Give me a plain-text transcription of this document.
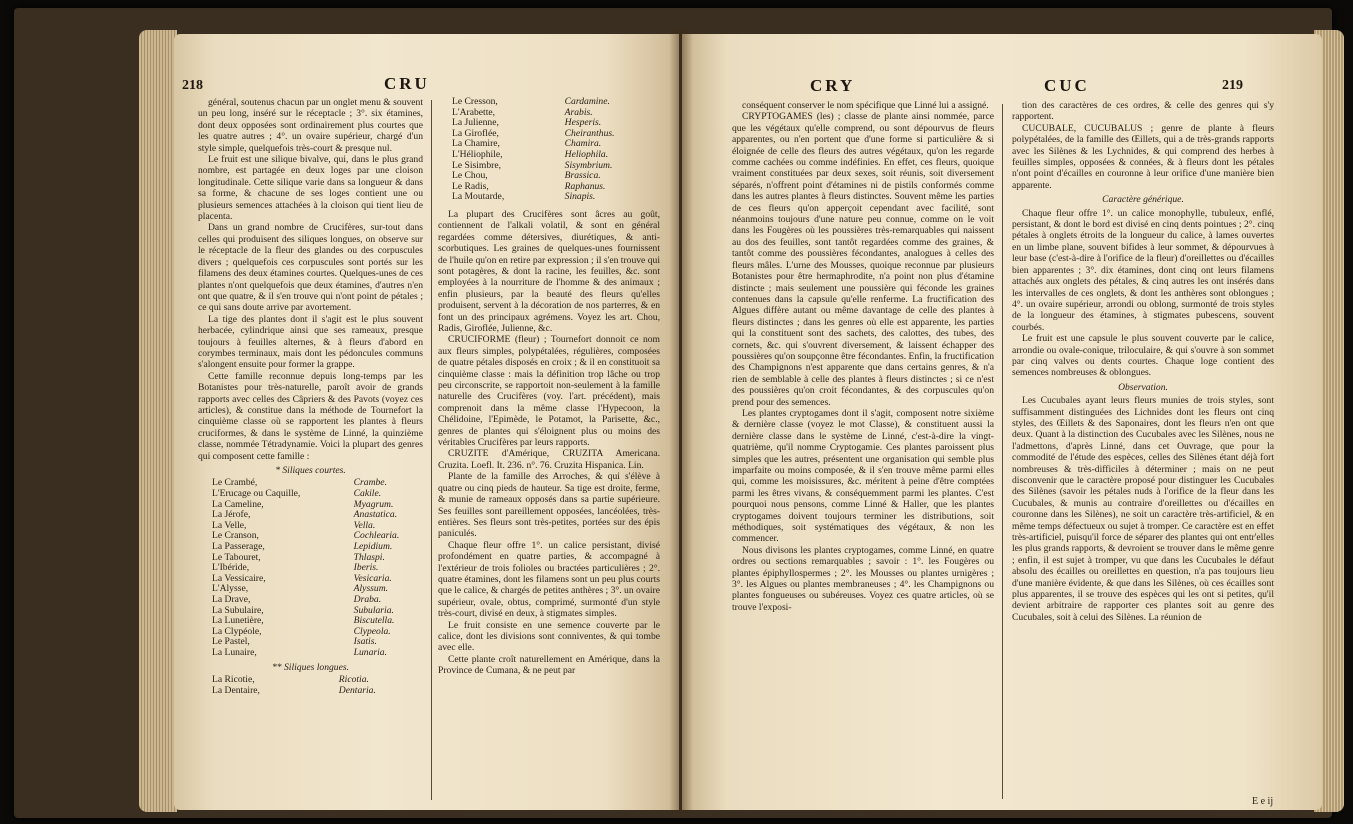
218	CRU

général, soutenus chacun par un onglet menu & souvent un peu long, inséré sur le réceptacle ; 3°. six étamines, dont deux opposées sont ordinairement plus courtes que les quatre autres ; 4°. un ovaire supérieur, chargé d'un style simple, quelquefois très-court & presque nul.

Le fruit est une silique bivalve, qui, dans le plus grand nombre, est partagée en deux loges par une cloison longitudinale. Cette silique varie dans sa longueur & dans sa forme, & chacune de ses loges contient une ou plusieurs semences attachées à la cloison qui tient lieu de placenta.

Dans un grand nombre de Crucifères, sur-tout dans celles qui produisent des siliques longues, on observe sur le réceptacle de la fleur des glandes ou des corpuscules divers ; quelquefois ces corpuscules sont portés sur les filamens des deux étamines courtes. Quelques-unes de ces plantes n'ont quelquefois que deux étamines, d'autres n'en ont que quatre, & il s'en trouve qui n'ont point de pétales ; ce qui sans doute arrive par avortement.

La tige des plantes dont il s'agit est le plus souvent herbacée, cylindrique ainsi que ses rameaux, presque toujours à feuilles alternes, & à fleurs d'abord en corymbes terminaux, mais dont les pédoncules communs s'alongent ensuite pour former la grappe.

Cette famille reconnue depuis long-temps par les Botanistes pour très-naturelle, paroît avoir de grands rapports avec celles des Câpriers & des Pavots (voyez ces articles), & constitue dans la méthode de Tournefort la cinquième classe où se rapportent les plantes à fleurs cruciformes, & dans le système de Linné, la quinzième classe, nommée Tétradynamie. Voici la plupart des genres qui composent cette famille :

* Siliques courtes.
Le Crambé,	Crambe.
L'Erucage ou Caquille,	Cakile.
La Cameline,	Myagrum.
La Jérofe,	Anastatica.
La Velle,	Vella.
Le Cranson,	Cochlearia.
La Passerage,	Lepidium.
Le Tabouret,	Thlaspi.
L'Ibéride,	Iberis.
La Vessicaire,	Vesicaria.
L'Alysse,	Alyssum.
La Drave,	Draba.
La Subulaire,	Subularia.
La Lunetière,	Biscutella.
La Clypéole,	Clypeola.
Le Pastel,	Isatis.
La Lunaire,	Lunaria.
** Siliques longues.
La Ricotie,	Ricotia.
La Dentaire,	Dentaria.
Le Cresson,	Cardamine.
L'Arabette,	Arabis.
La Julienne,	Hesperis.
La Giroflée,	Cheiranthus.
La Chamire,	Chamira.
L'Héliophile,	Heliophila.
Le Sisimbre,	Sisymbrium.
Le Chou,	Brassica.
Le Radis,	Raphanus.
La Moutarde,	Sinapis.

La plupart des Crucifères sont âcres au goût, contiennent de l'alkali volatil, & sont en général regardées comme détersives, diurétiques, & anti-scorbutiques. Les graines de quelques-unes fournissent de l'huile qu'on en retire par expression ; il s'en trouve qui sont potagères, & dont la racine, les feuilles, &c. sont employées à la nourriture de l'homme & des animaux ; enfin plusieurs, par la beauté des fleurs qu'elles produisent, servent à la décoration de nos parterres, & en font un des principaux agrémens. Voyez les art. Chou, Radis, Giroflée, Julienne, &c.

CRUCIFORME (fleur) ; Tournefort donnoit ce nom aux fleurs simples, polypétalées, régulières, composées de quatre pétales disposés en croix ; & il en constituoit sa cinquième classe : mais la définition trop lâche ou trop peu circonscrite, se rapportoit non-seulement à la famille naturelle des Crucifères (voy. l'art. précédent), mais comprenoit dans la même classe l'Hypecoon, la Chélidoine, l'Epimède, le Potamot, la Parisette, &c., genres de plantes qui s'éloignent plus ou moins des véritables Crucifères par leurs rapports.

CRUZITE d'Amérique, CRUZITA Americana. Cruzita. Loefl. It. 236. n°. 76. Cruzita Hispanica. Lin.

Plante de la famille des Arroches, & qui s'élève à quatre ou cinq pieds de hauteur. Sa tige est droite, ferme, & munie de rameaux opposés dans sa partie supérieure. Ses feuilles sont pareillement opposées, lancéolées, très-entières. Ses fleurs sont très-petites, portées sur des épis paniculés.

Chaque fleur offre 1°. un calice persistant, divisé profondément en quatre parties, & accompagné à l'extérieur de trois folioles ou bractées particulières ; 2°. quatre étamines, dont les filamens sont un peu plus courts que le calice, & chargés de petites anthères ; 3°. un ovaire supérieur, ovale, obtus, comprimé, surmonté d'un style très-court, divisé en deux, à stigmates simples.

Le fruit consiste en une semence couverte par le calice, dont les divisions sont conniventes, & qui tombe avec elle.

Cette plante croît naturellement en Amérique, dans la Province de Cumana, & ne peut par

CRY	CUC	219

conséquent conserver le nom spécifique que Linné lui a assigné.

CRYPTOGAMES (les) ; classe de plante ainsi nommée, parce que les végétaux qu'elle comprend, ou sont dépourvus de fleurs apparentes, ou n'en portent que d'une forme si particulière & si éloignée de celle des fleurs des autres végétaux, qu'on les regarde comme cachées ou comme indéfinies. En effet, ces fleurs, quoique vraiment constituées par deux sexes, soit réunis, soit diversement séparés, n'offrent point d'étamines ni de pistils conformés comme dans les autres plantes à fleurs distinctes. Souvent même les parties de ces fleurs qu'on apperçoit cependant avec facilité, sont néanmoins toujours d'une nature peu connue, comme on le voit dans les Fougères où les poussières très-remarquables qui naissent au dos des feuilles, sont tantôt regardées comme des graines, & tantôt comme des poussières fécondantes, analogues à celles des fleurs mâles. L'urne des Mousses, quoique reconnue par plusieurs Botanistes pour être hermaphrodite, n'a point non plus d'étamine distincte ; mais seulement une poussière qui féconde les graines contenues dans la capsule qu'elle renferme. La fructification des Algues diffère autant ou même davantage de celle des plantes à fleurs distinctes ; dans les genres où elle est apparente, les parties qui la constituent sont des sachets, des calottes, des tubes, des cornets, &c. qui s'ouvrent diversement, & laissent échapper des poussières qu'on soupçonne être fécondantes. Enfin, la fructification des Champignons n'est apparente que dans certains genres, & n'a rien de semblable à celle des plantes à fleurs distinctes ; si ce n'est des poussières qu'on croit fécondantes, & des corpuscules qu'on prend pour des semences.

Les plantes cryptogames dont il s'agit, composent notre sixième & dernière classe (voyez le mot Classe), & constituent aussi la dernière classe dans le système de Linné, c'est-à-dire la vingt-quatrième, qu'il nomme Cryptogamie. Ces plantes paroissent plus simples que les autres, présentent une organisation qui semble plus imparfaite ou moins composée, & il s'en trouve même parmi elles qui, comme les moisissures, &c. méritent à peine d'être comptées parmi les êtres vivans, & conséquemment parmi les plantes. C'est pourquoi nous pensons, comme Linné & Haller, que les plantes cryptogames doivent toujours terminer les distributions, soit méthodiques, soit systématiques des végétaux, & non les commencer.

Nous divisons les plantes cryptogames, comme Linné, en quatre ordres ou sections remarquables ; savoir : 1°. les Fougères ou plantes épiphyllospermes ; 2°. les Mousses ou plantes urnigères ; 3°. les Algues ou plantes membraneuses ; 4°. les Champignons ou plantes fongueuses ou subéreuses. Voyez ces quatre articles, où se trouve l'exposi-

tion des caractères de ces ordres, & celle des genres qui s'y rapportent.

CUCUBALE, CUCUBALUS ; genre de plante à fleurs polypétalées, de la famille des Œillets, qui a de très-grands rapports avec les Silènes & les Lychnides, & qui comprend des herbes à feuilles simples, opposées & connées, & à fleurs dont les pétales n'ont point d'écailles en couronne à leur orifice d'une manière bien apparente.

Caractère générique.

Chaque fleur offre 1°. un calice monophylle, tubuleux, enflé, persistant, & dont le bord est divisé en cinq dents pointues ; 2°. cinq pétales à onglets étroits de la longueur du calice, à lames ouvertes en un limbe plane, souvent bifides à leur sommet, & dépourvues à leur base (c'est-à-dire à l'orifice de la fleur) d'oreillettes ou d'écailles bien apparentes ; 3°. dix étamines, dont cinq ont leurs filamens attachés aux onglets des pétales, & cinq autres les ont insérés dans les intervalles de ces onglets, & dont les anthères sont oblongues ; 4°. un ovaire supérieur, arrondi ou oblong, surmonté de trois styles de la longueur des étamines, à stigmates pubescens, souvent courbés.

Le fruit est une capsule le plus souvent couverte par le calice, arrondie ou ovale-conique, triloculaire, & qui s'ouvre à son sommet par cinq valves ou dents courtes. Chaque loge contient des semences nombreuses & oblongues.

Observation.

Les Cucubales ayant leurs fleurs munies de trois styles, sont suffisamment distinguées des Lichnides dont les fleurs ont cinq styles, des Œillets & des Saponaires, dont les fleurs n'en ont que deux. Quant à la distinction des Cucubales avec les Silènes, nous ne l'admettons, d'après Linné, dans cet Ouvrage, que pour la commodité de l'étude des espèces, celles des Silènes étant déjà fort nombreuses & très-difficiles à déterminer ; mais on ne peut disconvenir que le caractère proposé pour distinguer les Cucubales des Silènes (savoir les pétales nuds à l'orifice de la fleur dans les Cucubales, & munis au contraire d'oreillettes ou d'écailles en couronne dans les Silènes), ne soit un caractère très-artificiel, & en même temps défectueux ou sujet à tromper. Ce caractère est en effet très-artificiel, puisqu'il force de séparer des plantes qui ont entr'elles les plus grands rapports, & devroient se trouver dans le même genre ; enfin, il est sujet à tromper, vu que dans les Cucubales le défaut absolu des écailles ou oreillettes en question, n'a pas toujours lieu d'une manière évidente, & que dans les Silènes, où ces écailles sont plus apparentes, il se trouve des espèces qui les ont si petites, qu'il devient arbitraire de rapporter ces plantes soit au genre des Cucubales, soit à celui des Silènes. La réunion de

E e ij
